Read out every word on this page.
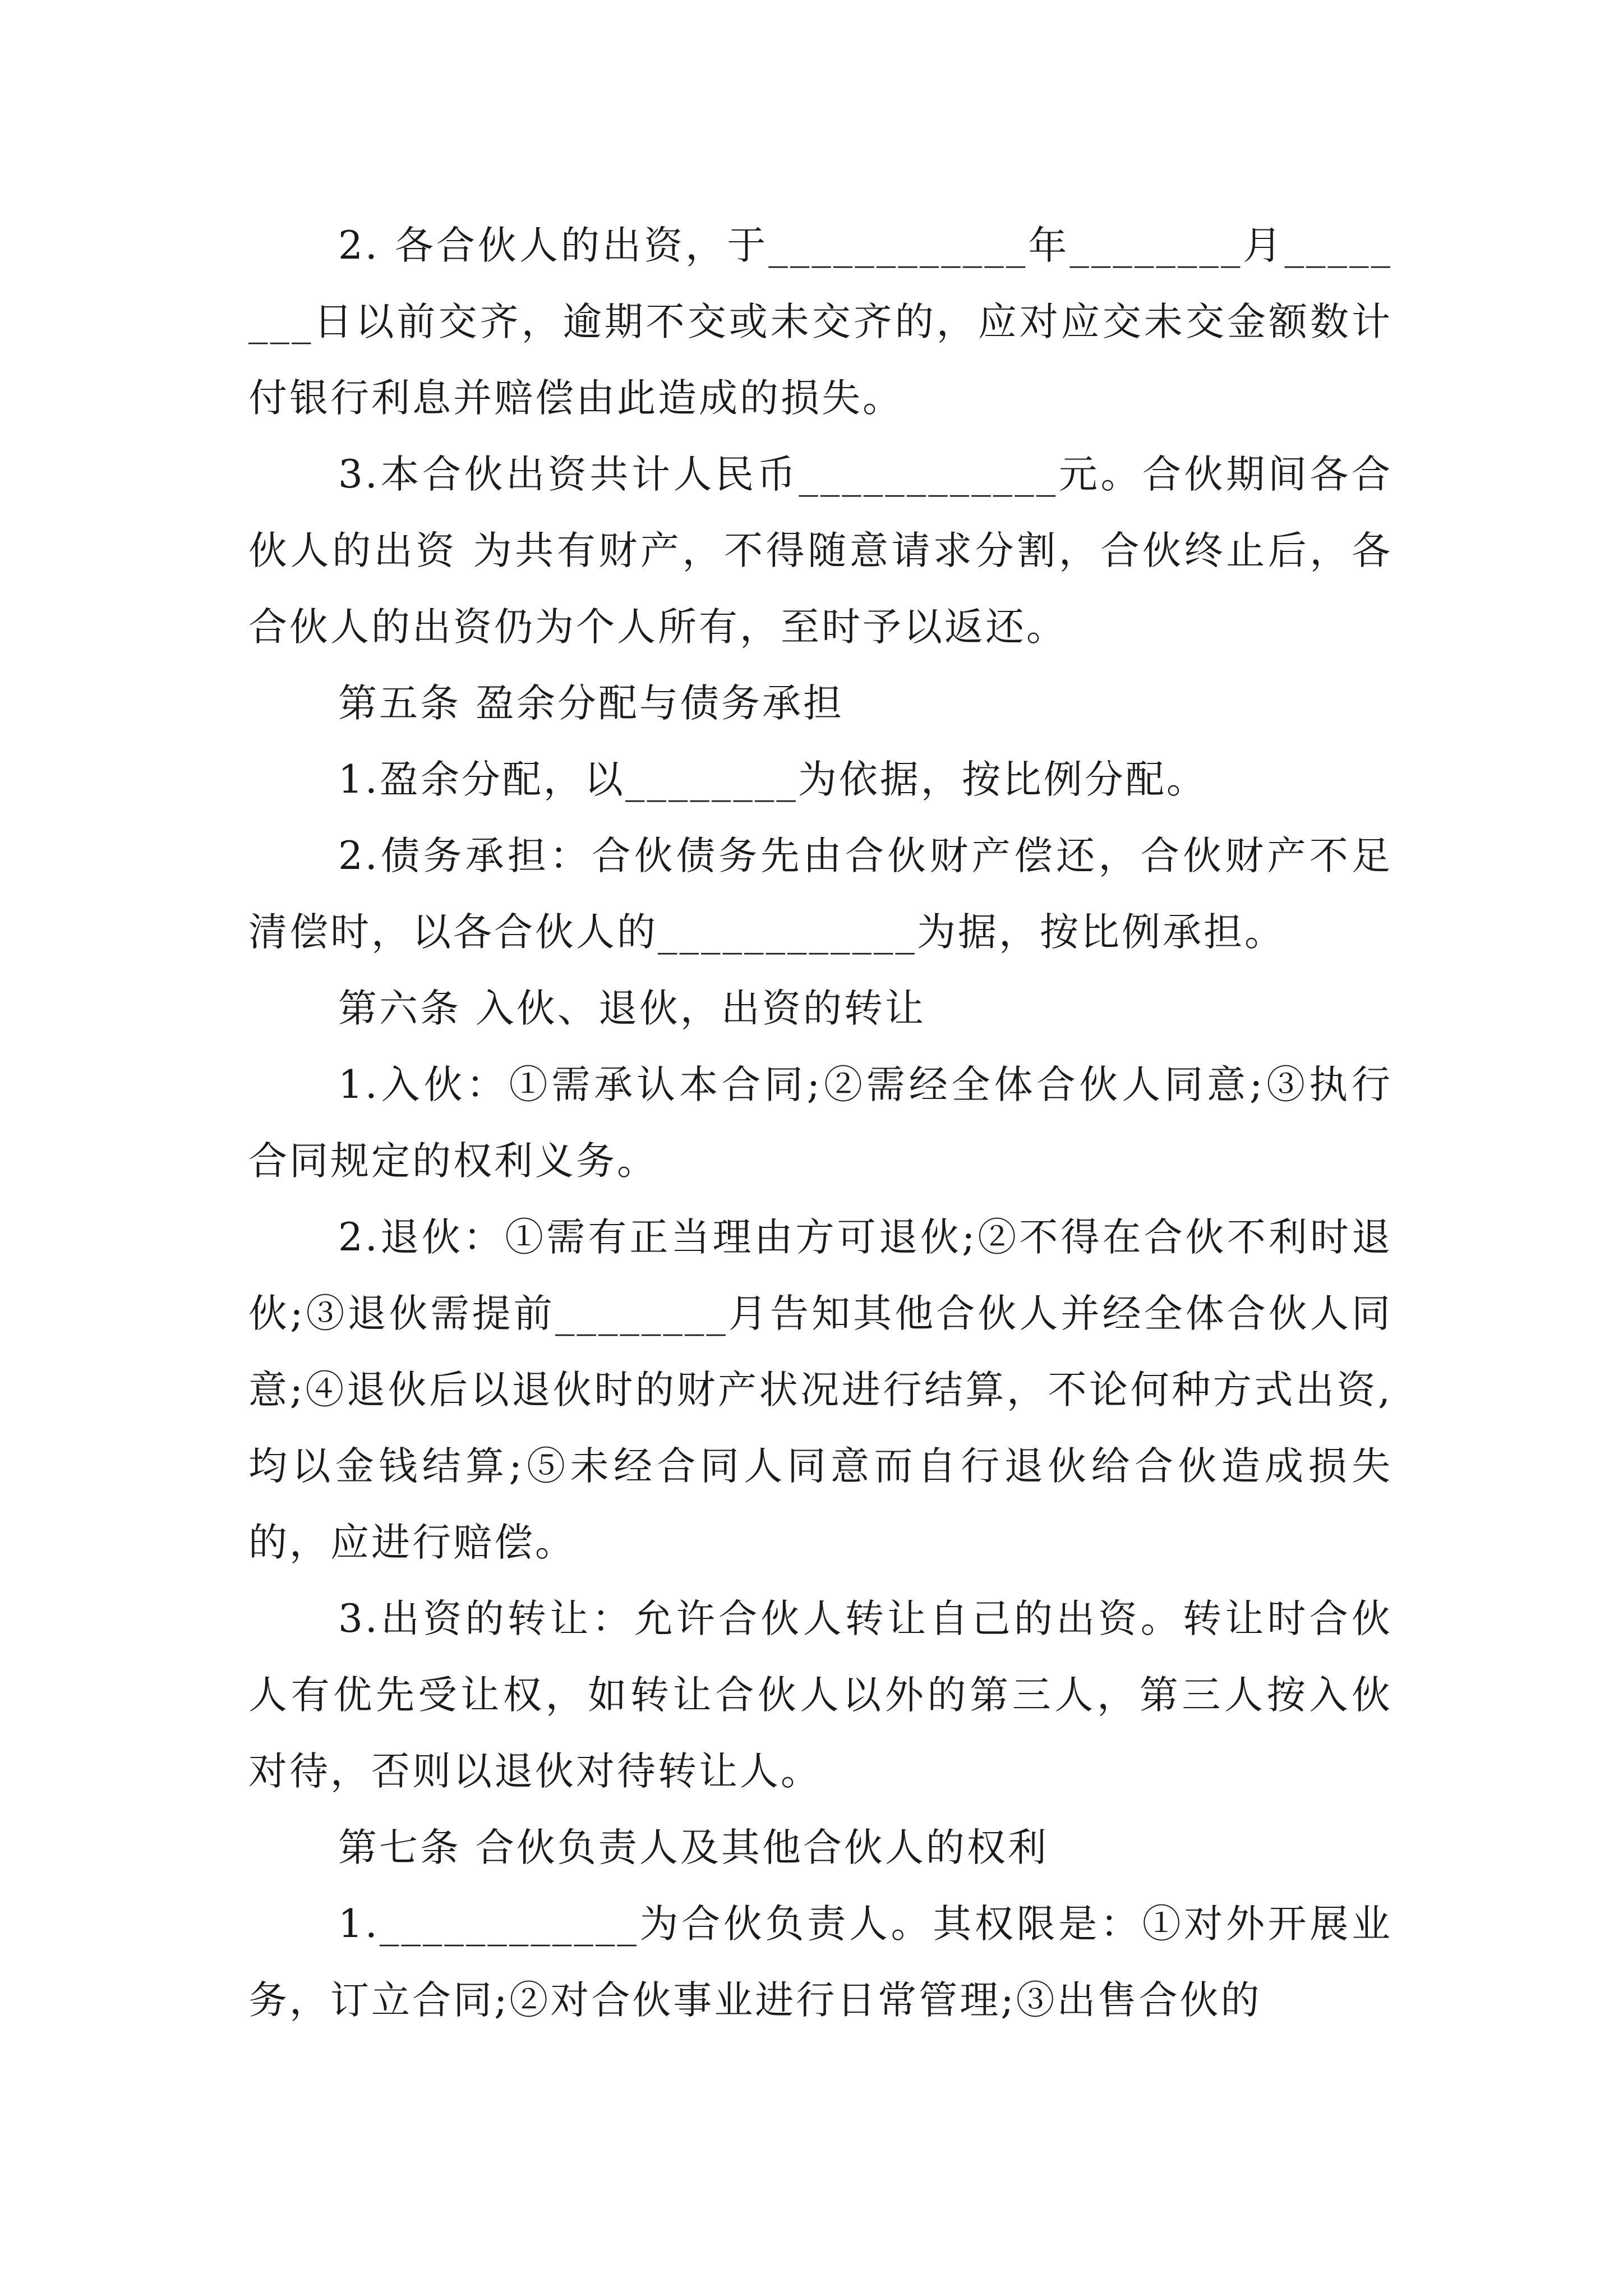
2. 各合伙人的出资，于____________年________月________日以前交齐，逾期不交或未交齐的，应对应交未交金额数计付银行利息并赔偿由此造成的损失。

3.本合伙出资共计人民币____________元。合伙期间各合伙人的出资 为共有财产，不得随意请求分割，合伙终止后，各合伙人的出资仍为个人所有，至时予以返还。

第五条 盈余分配与债务承担

1.盈余分配，以________为依据，按比例分配。

2.债务承担：合伙债务先由合伙财产偿还，合伙财产不足清偿时，以各合伙人的____________为据，按比例承担。

第六条 入伙、退伙，出资的转让

1.入伙：①需承认本合同;②需经全体合伙人同意;③执行合同规定的权利义务。

2.退伙：①需有正当理由方可退伙;②不得在合伙不利时退伙;③退伙需提前________月告知其他合伙人并经全体合伙人同意;④退伙后以退伙时的财产状况进行结算，不论何种方式出资,均以金钱结算;⑤未经合同人同意而自行退伙给合伙造成损失的，应进行赔偿。

3.出资的转让：允许合伙人转让自己的出资。转让时合伙人有优先受让权，如转让合伙人以外的第三人，第三人按入伙对待，否则以退伙对待转让人。

第七条 合伙负责人及其他合伙人的权利

1.____________为合伙负责人。其权限是：①对外开展业务，订立合同;②对合伙事业进行日常管理;③出售合伙的
